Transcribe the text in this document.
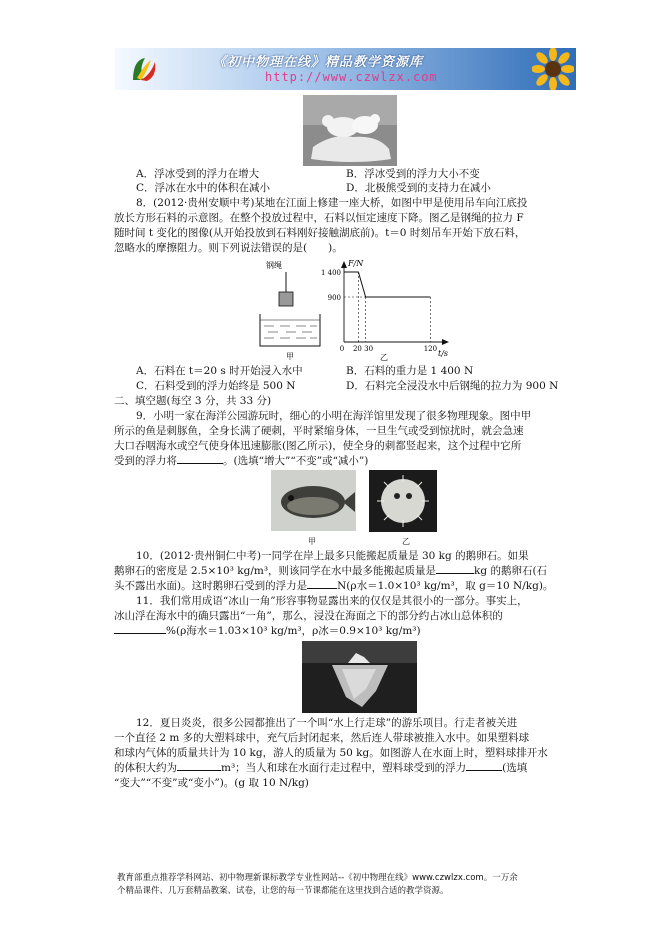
《初中物理在线》精品教学资源库
http://www.czwlzx.com
A．浮冰受到的浮力在增大	B．浮冰受到的浮力大小不变
C．浮冰在水中的体积在减小	D．北极熊受到的支持力在减小
8．(2012·贵州安顺中考)某地在江面上修建一座大桥，如图中甲是使用吊车向江底投
放长方形石料的示意图。在整个投放过程中，石料以恒定速度下降。图乙是钢绳的拉力 F
随时间 t 变化的图像(从开始投放到石料刚好接触湖底前)。t＝0 时刻吊车开始下放石料，
忽略水的摩擦阻力。则下列说法错误的是(　　)。
钢绳
甲
F/N
t/s
1 400
900
0 20 30	120
乙
A．石料在 t＝20 s 时开始浸入水中	B．石料的重力是 1 400 N
C．石料受到的浮力始终是 500 N	D．石料完全浸没水中后钢绳的拉力为 900 N
二、填空题(每空 3 分，共 33 分)
9．小明一家在海洋公园游玩时，细心的小明在海洋馆里发现了很多物理现象。图中甲
所示的鱼是刺豚鱼，全身长满了硬刺，平时紧缩身体，一旦生气或受到惊扰时，就会急速
大口吞咽海水或空气使身体迅速膨胀(图乙所示)，使全身的刺都竖起来，这个过程中它所
受到的浮力将	。(选填“增大”“不变”或“减小”)
甲	乙
10．(2012·贵州铜仁中考)一同学在岸上最多只能搬起质量是 30 kg 的鹅卵石。如果
鹅卵石的密度是 2.5×10³ kg/m³，则该同学在水中最多能搬起质量是	kg 的鹅卵石(石
头不露出水面)。这时鹅卵石受到的浮力是	N(ρ水＝1.0×10³ kg/m³，取 g＝10 N/kg)。
11．我们常用成语“冰山一角”形容事物显露出来的仅仅是其很小的一部分。事实上，
冰山浮在海水中的确只露出“一角”，那么，浸没在海面之下的部分约占冰山总体积的
%(ρ海水＝1.03×10³ kg/m³，ρ冰＝0.9×10³ kg/m³)
12．夏日炎炎，很多公园都推出了一个叫“水上行走球”的游乐项目。行走者被关进
一个直径 2 m 多的大塑料球中，充气后封闭起来，然后连人带球被推入水中。如果塑料球
和球内气体的质量共计为 10 kg，游人的质量为 50 kg。如图游人在水面上时，塑料球排开水
的体积大约为	m³；当人和球在水面行走过程中，塑料球受到的浮力	(选填
“变大”“不变”或“变小”)。(g 取 10 N/kg)
教育部重点推荐学科网站、初中物理新课标教学专业性网站--《初中物理在线》www.czwlzx.com。一万余
个精品课件、几万套精品教案、试卷，让您的每一节课都能在这里找到合适的教学资源。
